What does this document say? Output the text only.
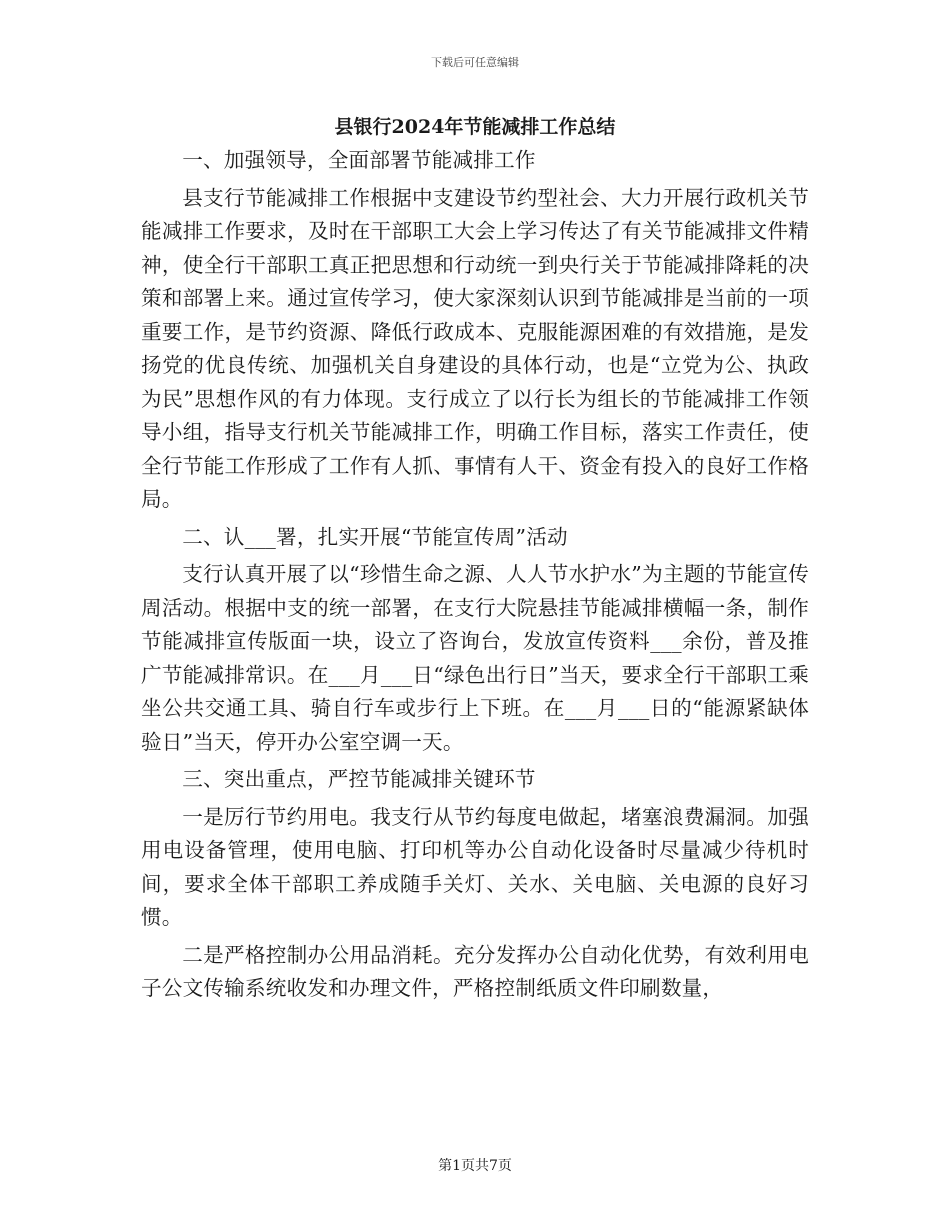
下载后可任意编辑
县银行2024年节能减排工作总结

一、加强领导，全面部署节能减排工作

县支行节能减排工作根据中支建设节约型社会、大力开展行政机关节能减排工作要求，及时在干部职工大会上学习传达了有关节能减排文件精神，使全行干部职工真正把思想和行动统一到央行关于节能减排降耗的决策和部署上来。通过宣传学习，使大家深刻认识到节能减排是当前的一项重要工作，是节约资源、降低行政成本、克服能源困难的有效措施，是发扬党的优良传统、加强机关自身建设的具体行动，也是“立党为公、执政为民”思想作风的有力体现。支行成立了以行长为组长的节能减排工作领导小组，指导支行机关节能减排工作，明确工作目标，落实工作责任，使全行节能工作形成了工作有人抓、事情有人干、资金有投入的良好工作格局。

二、认___署，扎实开展“节能宣传周”活动

支行认真开展了以“珍惜生命之源、人人节水护水”为主题的节能宣传周活动。根据中支的统一部署，在支行大院悬挂节能减排横幅一条，制作节能减排宣传版面一块，设立了咨询台，发放宣传资料___余份，普及推广节能减排常识。在___月___日“绿色出行日”当天，要求全行干部职工乘坐公共交通工具、骑自行车或步行上下班。在___月___日的“能源紧缺体验日”当天，停开办公室空调一天。

三、突出重点，严控节能减排关键环节

一是厉行节约用电。我支行从节约每度电做起，堵塞浪费漏洞。加强用电设备管理，使用电脑、打印机等办公自动化设备时尽量减少待机时间，要求全体干部职工养成随手关灯、关水、关电脑、关电源的良好习惯。

二是严格控制办公用品消耗。充分发挥办公自动化优势，有效利用电子公文传输系统收发和办理文件，严格控制纸质文件印刷数量，

第1页共7页
